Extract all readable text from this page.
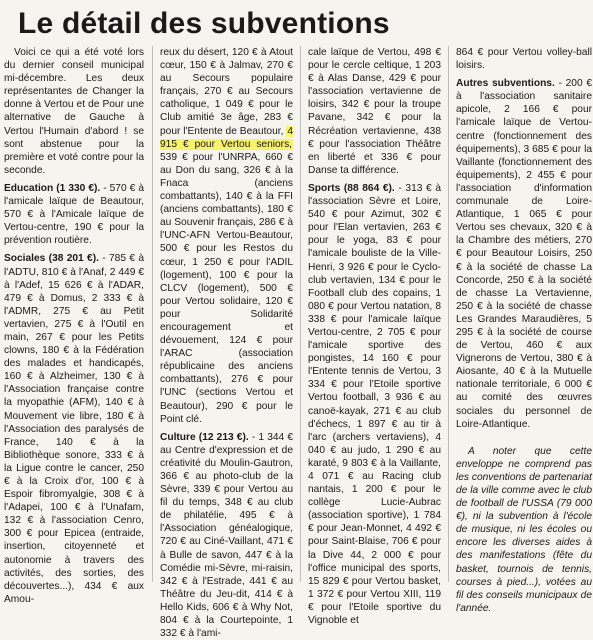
Le détail des subventions
Voici ce qui a été voté lors du dernier conseil municipal mi-décembre. Les deux représentantes de Changer la donne à Vertou et de Pour une alternative de Gauche à Vertou l'Humain d'abord ! se sont abstenue pour la première et voté contre pour la seconde.
Education (1 330 €). - 570 € à l'amicale laïque de Beautour, 570 € à l'Amicale laïque de Vertou-centre, 190 € pour la prévention routière.
Sociales (38 201 €). - 785 € à l'ADTU, 810 € à l'Anaf, 2 449 € à l'Adef, 15 626 € à l'ADAR, 479 € à Domus, 2 333 € à l'ADMR, 275 € au Petit vertavien, 275 € à l'Outil en main, 267 € pour les Petits clowns, 180 € à la Fédération des malades et handicapés, 160 € à Alzheimer, 130 € à l'Association française contre la myopathie (AFM), 140 € à Mouvement vie libre, 180 € à l'Association des paralysés de France, 140 € à la Bibliothèque sonore, 333 € à la Ligue contre le cancer, 250 € à la Croix d'or, 100 € à Espoir fibromyalgie, 308 € à l'Adapei, 100 € à l'Unafam, 132 € à l'association Cenro, 300 € pour Epicea (entraide, insertion, citoyenneté et autonomie à travers des activités, des sorties, des découvertes...), 434 € aux Amou-
reux du désert, 120 € à Atout cœur, 150 € à Jalmav, 270 € au Secours populaire français, 270 € au Secours catholique, 1 049 € pour le Club amitié 3e âge, 283 € pour l'Entente de Beautour, 4 915 € pour Vertou seniors, 539 € pour l'UNRPA, 660 € au Don du sang, 326 € à la Fnaca (anciens combattants), 140 € à la FFI (anciens combattants), 180 € au Souvenir français, 286 € à l'UNC-AFN Vertou-Beautour, 500 € pour les Restos du cœur, 1 250 € pour l'ADIL (logement), 100 € pour la CLCV (logement), 500 € pour Vertou solidaire, 120 € pour Solidarité encouragement et dévouement, 124 € pour l'ARAC (association républicaine des anciens combattants), 276 € pour l'UNC (sections Vertou et Beautour), 290 € pour le Point clé.
Culture (12 213 €). - 1 344 € au Centre d'expression et de créativité du Moulin-Gautron, 366 € au photo-club de la Sèvre, 339 € pour Vertou au fil du temps, 348 € au club de philatélie, 495 € à l'Association généalogique, 720 € au Ciné-Vaillant, 471 € à Bulle de savon, 447 € à la Comédie mi-Sèvre, mi-raisin, 342 € à l'Estrade, 441 € au Théâtre du Jeu-dit, 414 € à Hello Kids, 606 € à Why Not, 804 € à la Courtepointe, 1 332 € à l'ami-
cale laïque de Vertou, 498 € pour le cercle celtique, 1 203 € à Alas Danse, 429 € pour l'association vertavienne de loisirs, 342 € pour la troupe Pavane, 342 € pour la Récréation vertavienne, 438 € pour l'association Théâtre en liberté et 336 € pour Danse ta différence.
Sports (88 864 €). - 313 € à l'association Sèvre et Loire, 540 € pour Azimut, 302 € pour l'Elan vertavien, 263 € pour le yoga, 83 € pour l'amicale bouliste de la Ville-Henri, 3 926 € pour le Cyclo-club vertavien, 134 € pour le Football club des copains, 1 080 € pour Vertou natation, 8 338 € pour l'amicale laïque Vertou-centre, 2 705 € pour l'amicale sportive des pongistes, 14 160 € pour l'Entente tennis de Vertou, 3 334 € pour l'Etoile sportive Vertou football, 3 936 € au canoë-kayak, 271 € au club d'échecs, 1 897 € au tir à l'arc (archers vertaviens), 4 040 € au judo, 1 290 € au karaté, 9 803 € à la Vaillante, 4 071 € au Racing club nantais, 1 200 € pour le collège Lucie-Aubrac (association sportive), 1 784 € pour Jean-Monnet, 4 492 € pour Saint-Blaise, 706 € pour la Dive 44, 2 000 € pour l'office municipal des sports, 15 829 € pour Vertou basket, 1 372 € pour Vertou XIII, 119 € pour l'Etoile sportive du Vignoble et
864 € pour Vertou volley-ball loisirs.
Autres subventions. - 200 € à l'association sanitaire apicole, 2 166 € pour l'amicale laïque de Vertou-centre (fonctionnement des équipements), 3 685 € pour la Vaillante (fonctionnement des équipements), 2 455 € pour l'association d'information communale de Loire-Atlantique, 1 065 € pour Vertou ses chevaux, 320 € à la Chambre des métiers, 270 € pour Beautour Loisirs, 250 € à la société de chasse La Concorde, 250 € à la société de chasse La Vertavienne, 250 € à la société de chasse Les Grandes Maraudières, 5 295 € à la société de course de Vertou, 460 € aux Vignerons de Vertou, 380 € à Aiosante, 40 € à la Mutuelle nationale territoriale, 6 000 € au comité des œuvres sociales du personnel de Loire-Atlantique.
A noter que cette enveloppe ne comprend pas les conventions de partenariat de la ville comme avec le club de football de l'USSA (79 000 €), ni la subvention à l'école de musique, ni les écoles ou encore les diverses aides à des manifestations (fête du basket, tournois de tennis, courses à pied...), votées au fil des conseils municipaux de l'année.
